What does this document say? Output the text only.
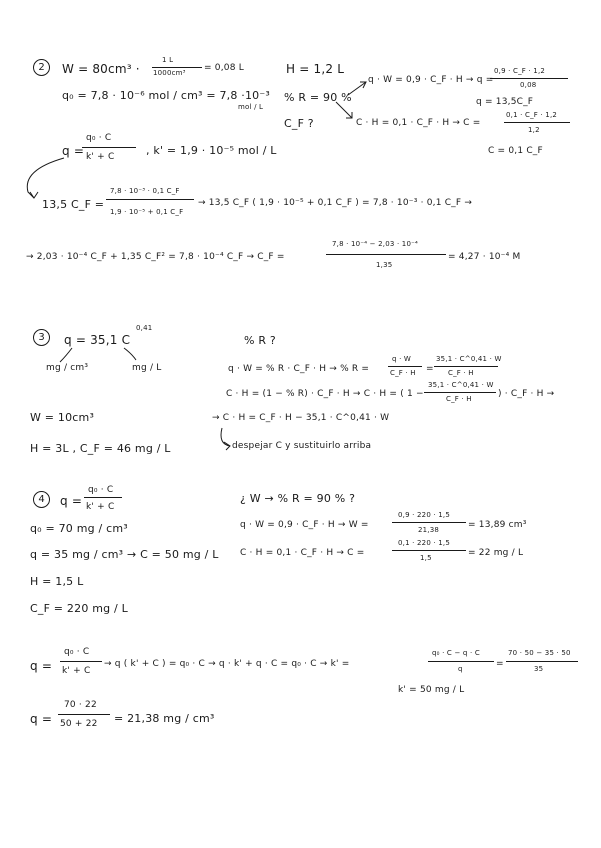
2	W = 80cm³ ·
1 L
1000cm³ = 0,08 L	H = 1,2 L
q₀ = 7,8 · 10⁻⁶ mol / cm³ = 7,8 ·10⁻³
mol / L
% R = 90 %
C_F ?
q · W = 0,9 · C_F · H → q =
0,9 · C_F · 1,2
0,08
q = 13,5C_F
C · H = 0,1 · C_F · H → C =
0,1 · C_F · 1,2
1,2
C = 0,1 C_F
q =
q₀ · C
k' + C	, k' = 1,9 · 10⁻⁵ mol / L
13,5 C_F =
7,8 · 10⁻³ · 0,1 C_F
1,9 · 10⁻⁵ + 0,1 C_F
→ 13,5 C_F ( 1,9 · 10⁻⁵ + 0,1 C_F ) = 7,8 · 10⁻³ · 0,1 C_F →
→ 2,03 · 10⁻⁴ C_F + 1,35 C_F² = 7,8 · 10⁻⁴ C_F → C_F =
7,8 · 10⁻⁴ − 2,03 · 10⁻⁴
1,35
= 4,27 · 10⁻⁴ M
3	q = 35,1 C
0,41
mg / cm³	mg / L
% R ?
q · W = % R · C_F · H → % R =
q · W
C_F · H =
35,1 · C^0,41 · W
C_F · H
C · H = (1 − % R) · C_F · H → C · H = ( 1 −
35,1 · C^0,41 · W
C_F · H	) · C_F · H →
→ C · H = C_F · H − 35,1 · C^0,41 · W
despejar C y sustituirlo arriba
W = 10cm³
H = 3L , C_F = 46 mg / L
4	q =
q₀ · C
k' + C
q₀ = 70 mg / cm³
q = 35 mg / cm³ → C = 50 mg / L
H = 1,5 L
C_F = 220 mg / L
¿ W → % R = 90 % ?
q · W = 0,9 · C_F · H → W =
0,9 · 220 · 1,5
21,38	= 13,89 cm³
C · H = 0,1 · C_F · H → C =
0,1 · 220 · 1,5
1,5	= 22 mg / L
q =
q₀ · C
k' + C
→ q ( k' + C ) = q₀ · C → q · k' + q · C = q₀ · C → k' =
q₀ · C − q · C
q	=
70 · 50 − 35 · 50
35
k' = 50 mg / L
q =
70 · 22
50 + 22 = 21,38 mg / cm³
